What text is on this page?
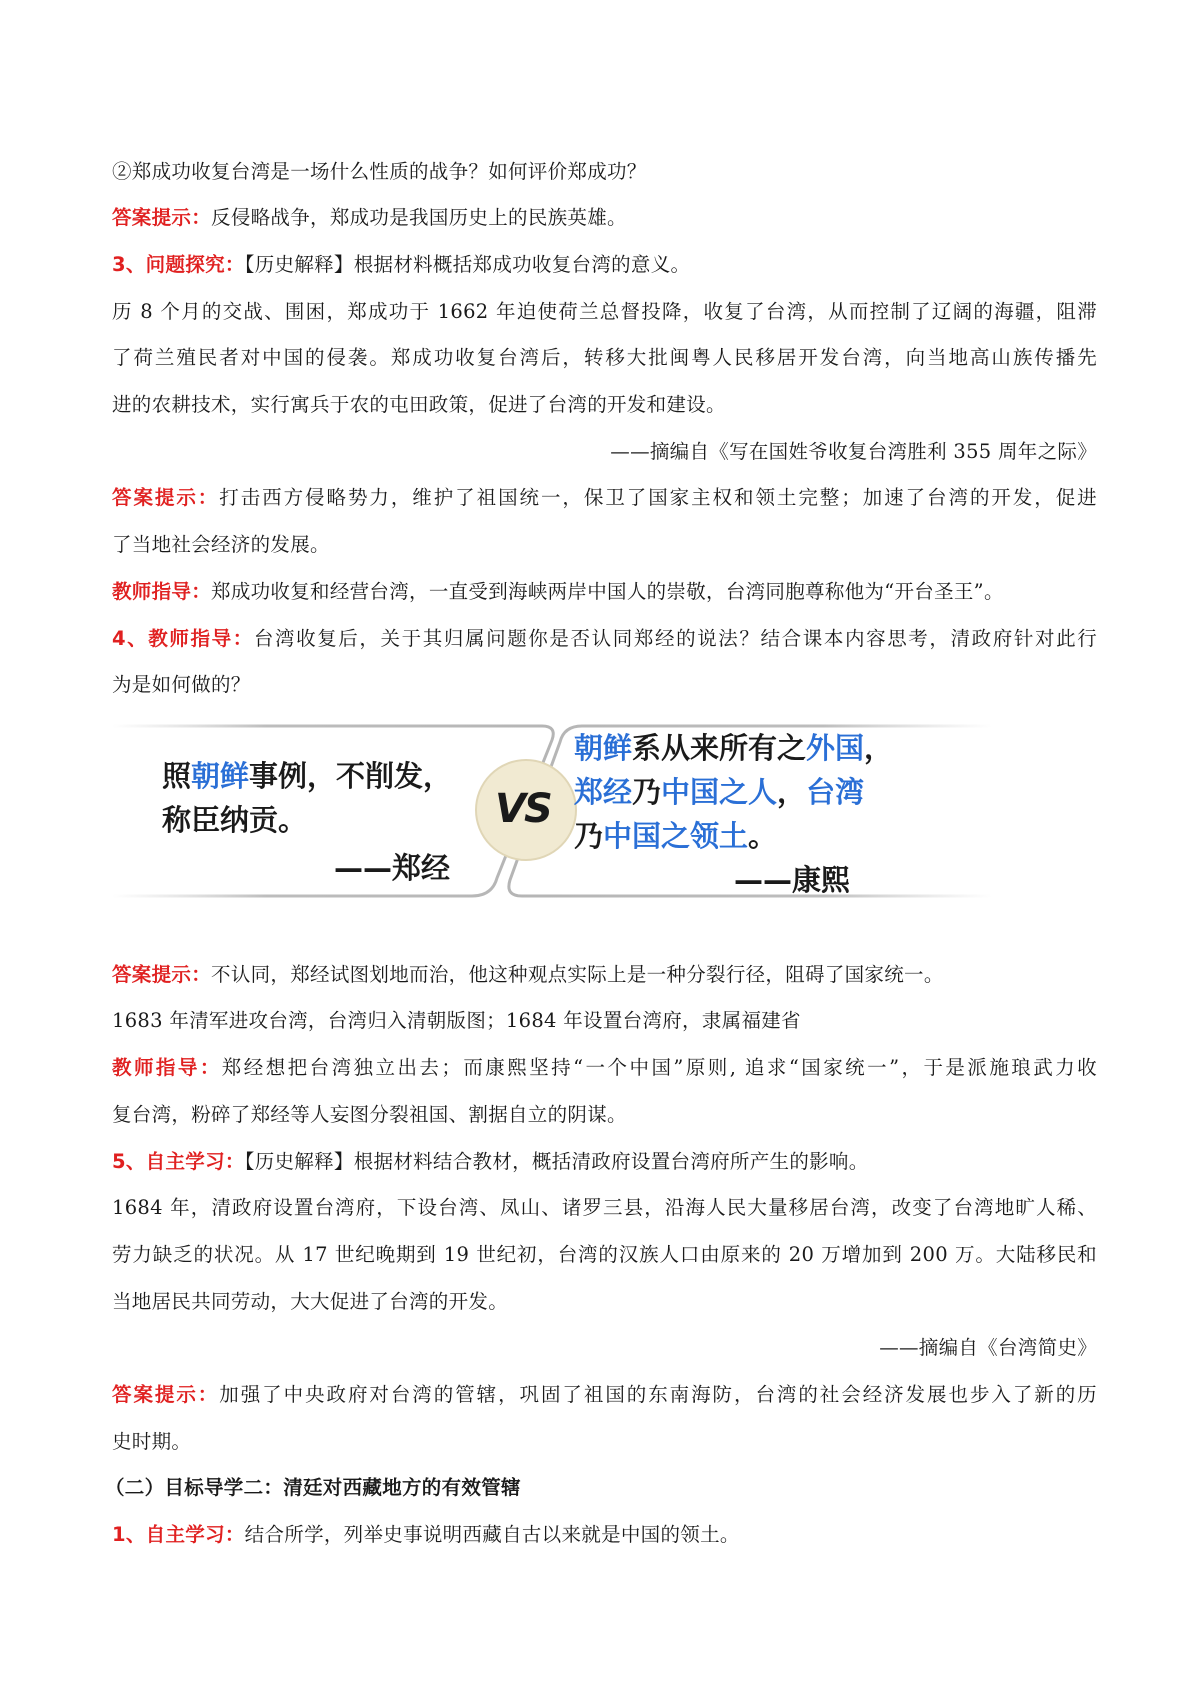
②郑成功收复台湾是一场什么性质的战争？如何评价郑成功？
答案提示：反侵略战争，郑成功是我国历史上的民族英雄。
3、问题探究：【历史解释】根据材料概括郑成功收复台湾的意义。
历 8 个月的交战、围困，郑成功于 1662 年迫使荷兰总督投降，收复了台湾，从而控制了辽阔的海疆，阻滞
了荷兰殖民者对中国的侵袭。郑成功收复台湾后，转移大批闽粤人民移居开发台湾，向当地高山族传播先
进的农耕技术，实行寓兵于农的屯田政策，促进了台湾的开发和建设。
——摘编自《写在国姓爷收复台湾胜利 355 周年之际》
答案提示：打击西方侵略势力，维护了祖国统一，保卫了国家主权和领土完整；加速了台湾的开发，促进
了当地社会经济的发展。
教师指导：郑成功收复和经营台湾，一直受到海峡两岸中国人的崇敬，台湾同胞尊称他为“开台圣王”。
4、教师指导：台湾收复后，关于其归属问题你是否认同郑经的说法？结合课本内容思考，清政府针对此行
为是如何做的？
照朝鲜事例，不削发，
称臣纳贡。
——郑经
VS
朝鲜系从来所有之外国，
郑经乃中国之人，台湾
乃中国之领土。
——康熙
答案提示：不认同，郑经试图划地而治，他这种观点实际上是一种分裂行径，阻碍了国家统一。
1683 年清军进攻台湾，台湾归入清朝版图；1684 年设置台湾府，隶属福建省
教师指导：郑经想把台湾独立出去；而康熙坚持“一个中国”原则, 追求“国家统一”，于是派施琅武力收
复台湾，粉碎了郑经等人妄图分裂祖国、割据自立的阴谋。
5、自主学习：【历史解释】根据材料结合教材，概括清政府设置台湾府所产生的影响。
1684 年，清政府设置台湾府，下设台湾、凤山、诸罗三县，沿海人民大量移居台湾，改变了台湾地旷人稀、
劳力缺乏的状况。从 17 世纪晚期到 19 世纪初，台湾的汉族人口由原来的 20 万增加到 200 万。大陆移民和
当地居民共同劳动，大大促进了台湾的开发。
——摘编自《台湾简史》
答案提示：加强了中央政府对台湾的管辖，巩固了祖国的东南海防，台湾的社会经济发展也步入了新的历
史时期。
（二）目标导学二：清廷对西藏地方的有效管辖
1、自主学习：结合所学，列举史事说明西藏自古以来就是中国的领土。
